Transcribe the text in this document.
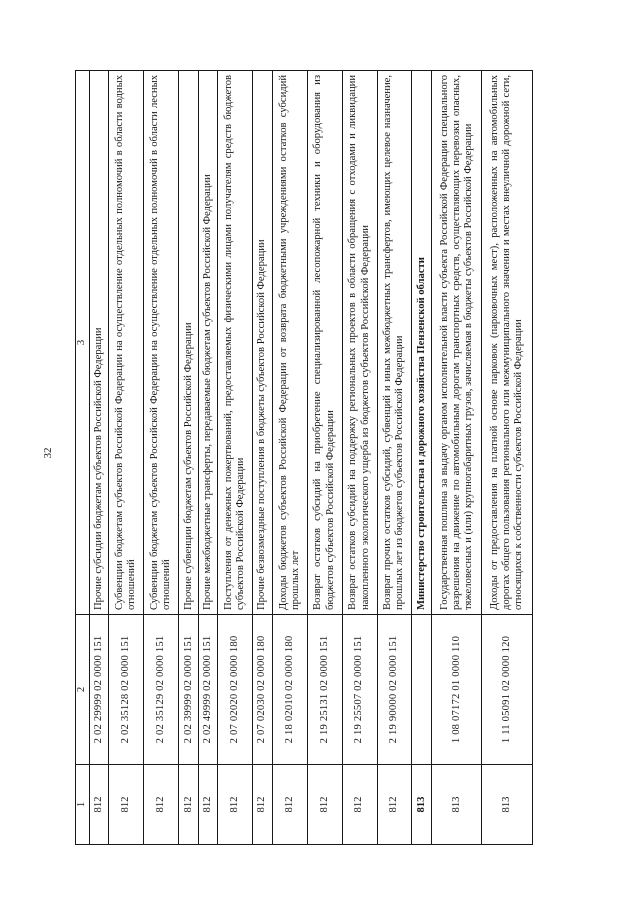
32
1	2	3
812	2 02 29999 02 0000 151	Прочие субсидии бюджетам субъектов Российской Федерации
812	2 02 35128 02 0000 151	Субвенции бюджетам субъектов Российской Федерации на осуществление отдельных полномочий в области водных отношений
812	2 02 35129 02 0000 151	Субвенции бюджетам субъектов Российской Федерации на осуществление отдельных полномочий в области лесных отношений
812	2 02 39999 02 0000 151	Прочие субвенции бюджетам субъектов Российской Федерации
812	2 02 49999 02 0000 151	Прочие межбюджетные трансферты, передаваемые бюджетам субъектов Российской Федерации
812	2 07 02020 02 0000 180	Поступления от денежных пожертвований, предоставляемых физическими лицами получателям средств бюджетов субъектов Российской Федерации
812	2 07 02030 02 0000 180	Прочие безвозмездные поступления в бюджеты субъектов Российской Федерации
812	2 18 02010 02 0000 180	Доходы бюджетов субъектов Российской Федерации от возврата бюджетными учреждениями остатков субсидий прошлых лет
812	2 19 25131 02 0000 151	Возврат остатков субсидий на приобретение специализированной лесопожарной техники и оборудования из бюджетов субъектов Российской Федерации
812	2 19 25507 02 0000 151	Возврат остатков субсидий на поддержку региональных проектов в области обращения с отходами и ликвидации накопленного экологического ущерба из бюджетов субъектов Российской Федерации
812	2 19 90000 02 0000 151	Возврат прочих остатков субсидий, субвенций и иных межбюджетных трансфертов, имеющих целевое назначение, прошлых лет из бюджетов субъектов Российской Федерации
813		Министерство строительства и дорожного хозяйства Пензенской области
813	1 08 07172 01 0000 110	Государственная пошлина за выдачу органом исполнительной власти субъекта Российской Федерации специального разрешения на движение по автомобильным дорогам транспортных средств, осуществляющих перевозки опасных, тяжеловесных и (или) крупногабаритных грузов, зачисляемая в бюджеты субъектов Российской Федерации
813	1 11 05091 02 0000 120	Доходы от предоставления на платной основе парковок (парковочных мест), расположенных на автомобильных дорогах общего пользования регионального или межмуниципального значения и местах внеуличной дорожной сети, относящихся к собственности субъектов Российской Федерации
